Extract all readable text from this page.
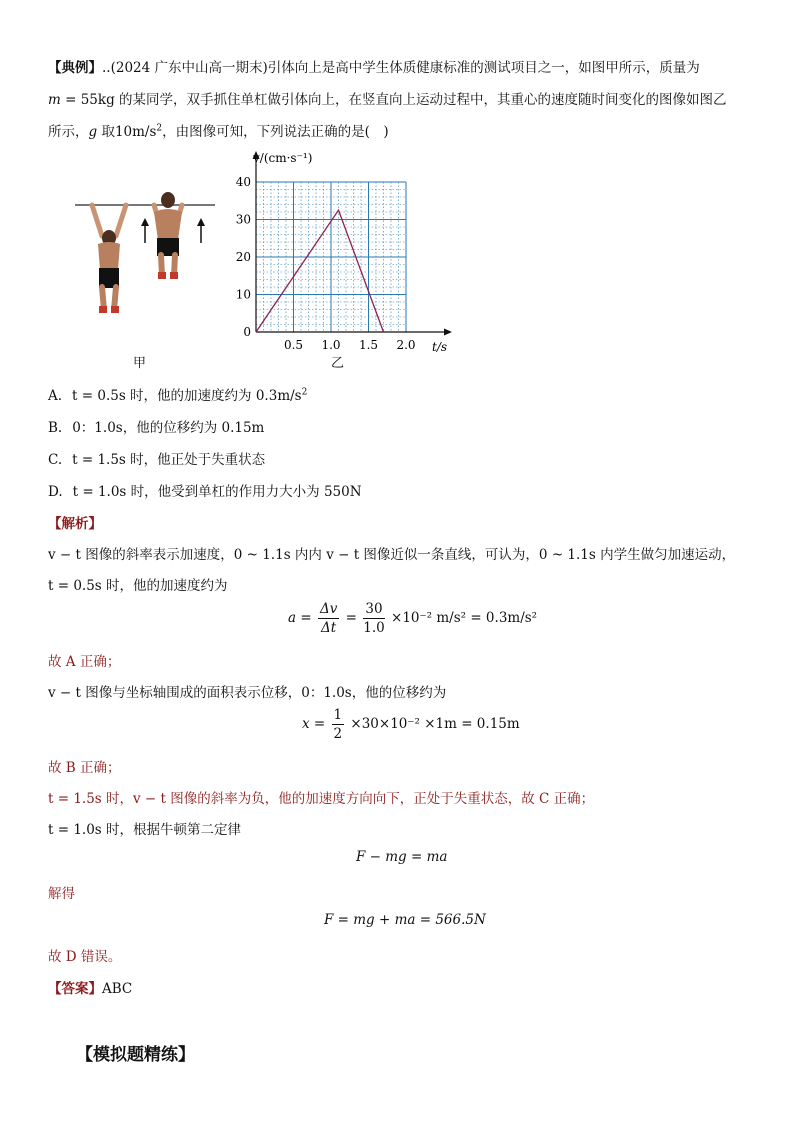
【典例】..(2024 广东中山高一期末)引体向上是高中学生体质健康标准的测试项目之一，如图甲所示，质量为
m = 55kg 的某同学，双手抓住单杠做引体向上，在竖直向上运动过程中，其重心的速度随时间变化的图像如图乙
所示，g 取$10m/s^2$，由图像可知，下列说法正确的是(　)
甲
0
10
20
30
40
0.5 1.0 1.5 2.0
v/(cm·s⁻¹)
t/s
乙
A. t = 0.5s 时，他的加速度约为 $0.3m/s^2$
B. 0：1.0s，他的位移约为 0.15m
C. t = 1.5s 时，他正处于失重状态
D. t = 1.0s 时，他受到单杠的作用力大小为 550N
【解析】
v − t 图像的斜率表示加速度，0 ~ 1.1s 内内 v − t 图像近似一条直线，可认为，0 ~ 1.1s 内学生做匀加速运动，
t = 0.5s 时，他的加速度约为
$a = \frac{\Delta v}{\Delta t} = \frac{30}{1.0} \times 10^{-2}$ m/s² = 0.3m/s²
故 A 正确；
v − t 图像与坐标轴围成的面积表示位移，0：1.0s，他的位移约为
$x = \frac{1}{2} \times 30\times 10^{-2} \times 1m = 0.15m$
故 B 正确；
t = 1.5s 时，v − t 图像的斜率为负，他的加速度方向向下，正处于失重状态，故 C 正确；
t = 1.0s 时，根据牛顿第二定律
F − mg = ma
解得
F = mg + ma = 566.5N
故 D 错误。
【答案】ABC
【模拟题精练】
